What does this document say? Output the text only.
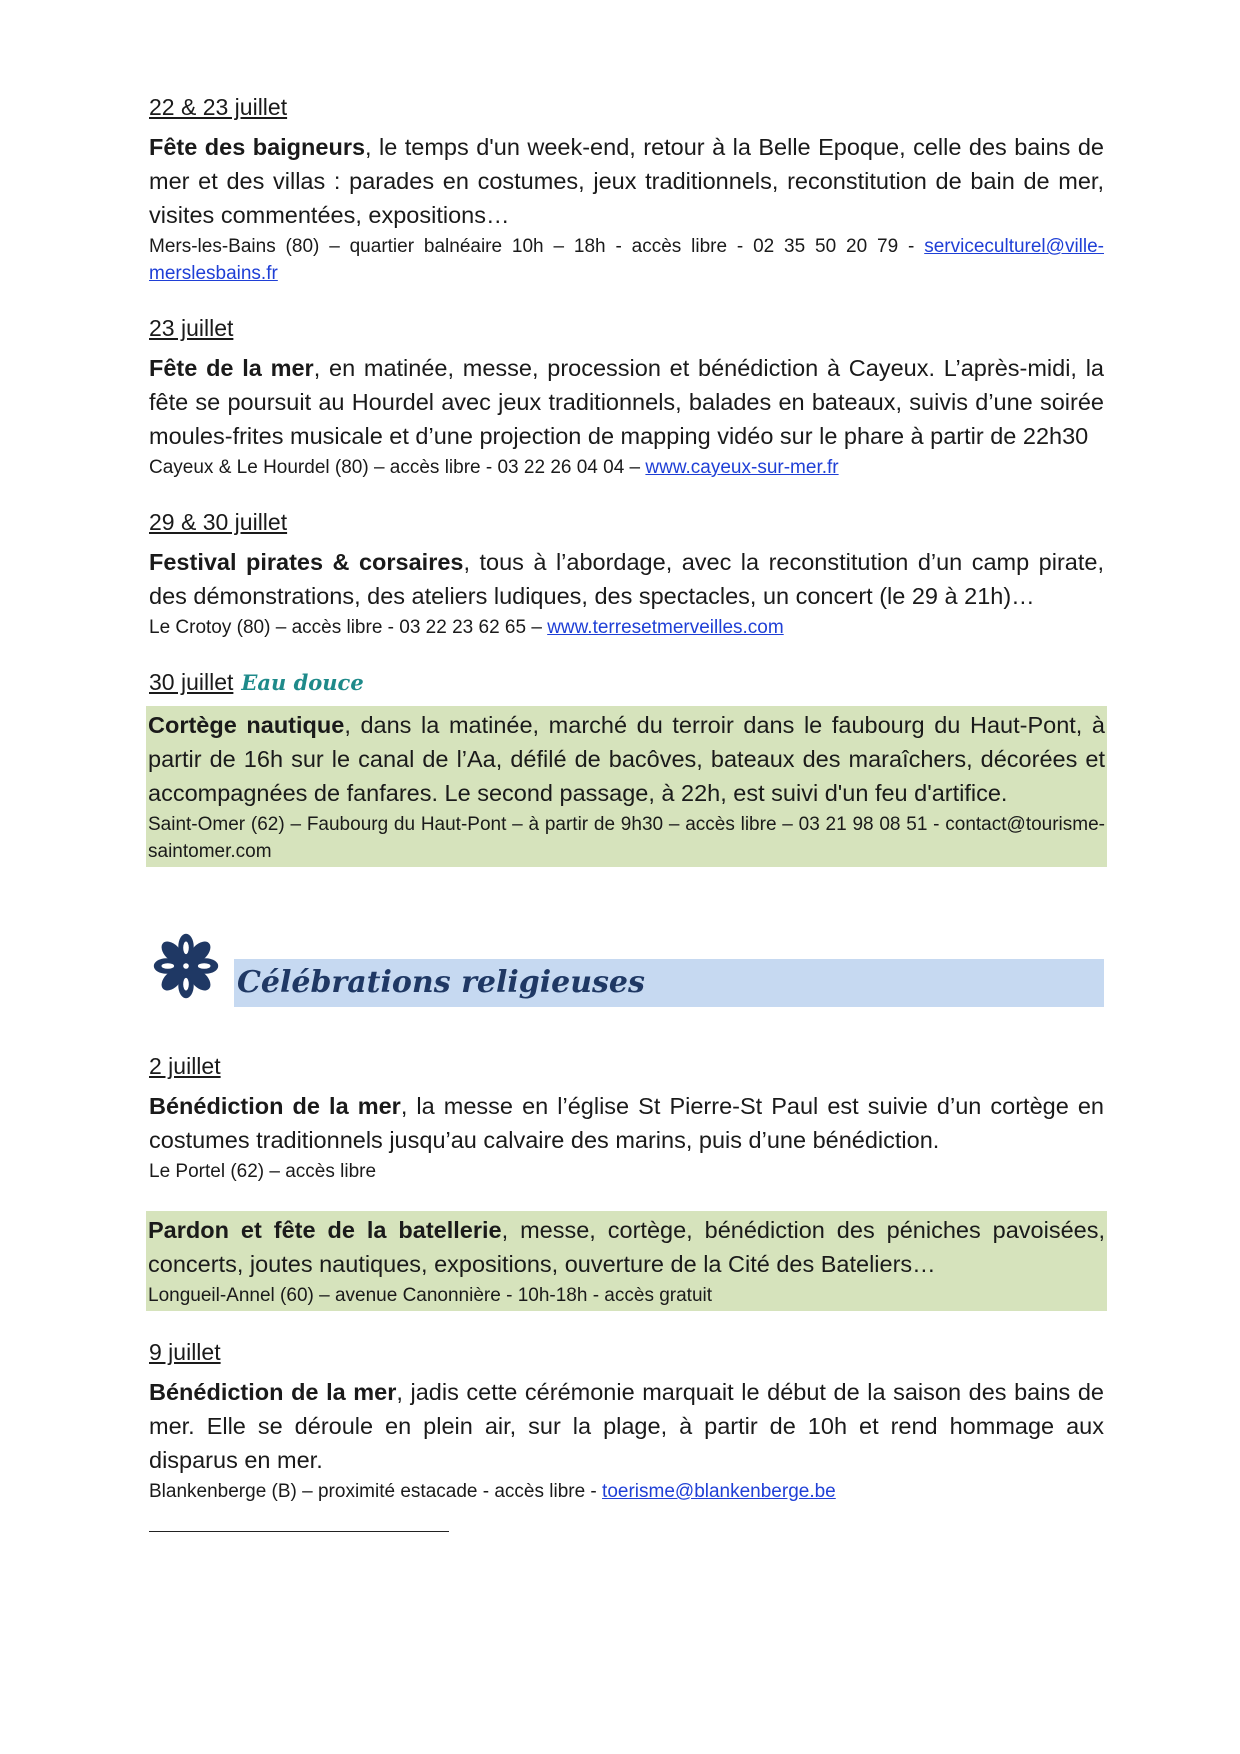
22 & 23 juillet

Fête des baigneurs, le temps d'un week-end, retour à la Belle Epoque, celle des bains de mer et des villas : parades en costumes, jeux traditionnels, reconstitution de bain de mer, visites commentées, expositions…

Mers-les-Bains (80) – quartier balnéaire 10h – 18h - accès libre - 02 35 50 20 79 - serviceculturel@ville-merslesbains.fr

23 juillet

Fête de la mer, en matinée, messe, procession et bénédiction à Cayeux. L’après-midi, la fête se poursuit au Hourdel avec jeux traditionnels, balades en bateaux, suivis d’une soirée moules-frites musicale et d’une projection de mapping vidéo sur le phare à partir de 22h30

Cayeux & Le Hourdel (80) – accès libre - 03 22 26 04 04 – www.cayeux-sur-mer.fr

29 & 30 juillet

Festival pirates & corsaires, tous à l’abordage, avec la reconstitution d’un camp pirate, des démonstrations, des ateliers ludiques, des spectacles, un concert (le 29 à 21h)…

Le Crotoy (80) – accès libre - 03 22 23 62 65 – www.terresetmerveilles.com

30 juillet Eau douce

Cortège nautique, dans la matinée, marché du terroir dans le faubourg du Haut-Pont, à partir de 16h sur le canal de l’Aa, défilé de bacôves, bateaux des maraîchers, décorées et accompagnées de fanfares. Le second passage, à 22h, est suivi d'un feu d'artifice.

Saint-Omer (62) – Faubourg du Haut-Pont – à partir de 9h30 – accès libre – 03 21 98 08 51 - contact@tourisme-saintomer.com

Célébrations religieuses

2 juillet

Bénédiction de la mer, la messe en l’église St Pierre-St Paul est suivie d’un cortège en costumes traditionnels jusqu’au calvaire des marins, puis d’une bénédiction.

Le Portel (62) – accès libre

Pardon et fête de la batellerie, messe, cortège, bénédiction des péniches pavoisées, concerts, joutes nautiques, expositions, ouverture de la Cité des Bateliers…

Longueil-Annel (60) – avenue Canonnière - 10h-18h - accès gratuit

9 juillet

Bénédiction de la mer, jadis cette cérémonie marquait le début de la saison des bains de mer. Elle se déroule en plein air, sur la plage, à partir de 10h et rend hommage aux disparus en mer.

Blankenberge (B) – proximité estacade - accès libre - toerisme@blankenberge.be
